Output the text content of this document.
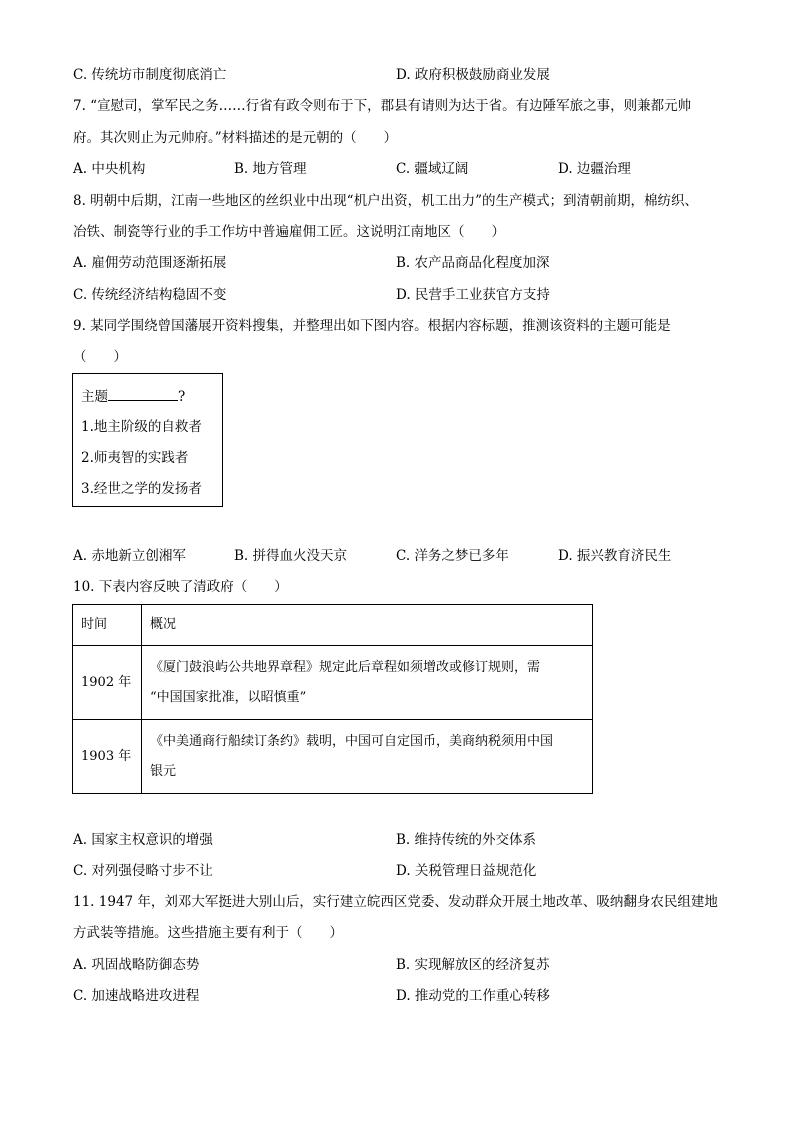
C. 传统坊市制度彻底消亡	D. 政府积极鼓励商业发展
7. “宣慰司，掌军民之务……行省有政令则布于下，郡县有请则为达于省。有边陲军旅之事，则兼都元帅
府。其次则止为元帅府。”材料描述的是元朝的（　　）
A. 中央机构	B. 地方管理	C. 疆域辽阔	D. 边疆治理
8. 明朝中后期，江南一些地区的丝织业中出现“机户出资，机工出力”的生产模式；到清朝前期，棉纺织、
冶铁、制瓷等行业的手工作坊中普遍雇佣工匠。这说明江南地区（　　）
A. 雇佣劳动范围逐渐拓展	B. 农产品商品化程度加深
C. 传统经济结构稳固不变	D. 民营手工业获官方支持
9. 某同学围绕曾国藩展开资料搜集，并整理出如下图内容。根据内容标题，推测该资料的主题可能是
（　　）
主题	?
1.地主阶级的自救者
2.师夷智的实践者
3.经世之学的发扬者
A. 赤地新立创湘军	B. 拼得血火没天京	C. 洋务之梦已多年	D. 振兴教育济民生
10. 下表内容反映了清政府（　　）
时间	概况
1902 年	《厦门鼓浪屿公共地界章程》规定此后章程如须增改或修订规则，需
“中国国家批准，以昭慎重”

1903 年	《中美通商行船续订条约》载明，中国可自定国币，美商纳税须用中国
银元
A. 国家主权意识的增强	B. 维持传统的外交体系
C. 对列强侵略寸步不让	D. 关税管理日益规范化
11. 1947 年，刘邓大军挺进大别山后，实行建立皖西区党委、发动群众开展土地改革、吸纳翻身农民组建地
方武装等措施。这些措施主要有利于（　　）
A. 巩固战略防御态势	B. 实现解放区的经济复苏
C. 加速战略进攻进程	D. 推动党的工作重心转移
